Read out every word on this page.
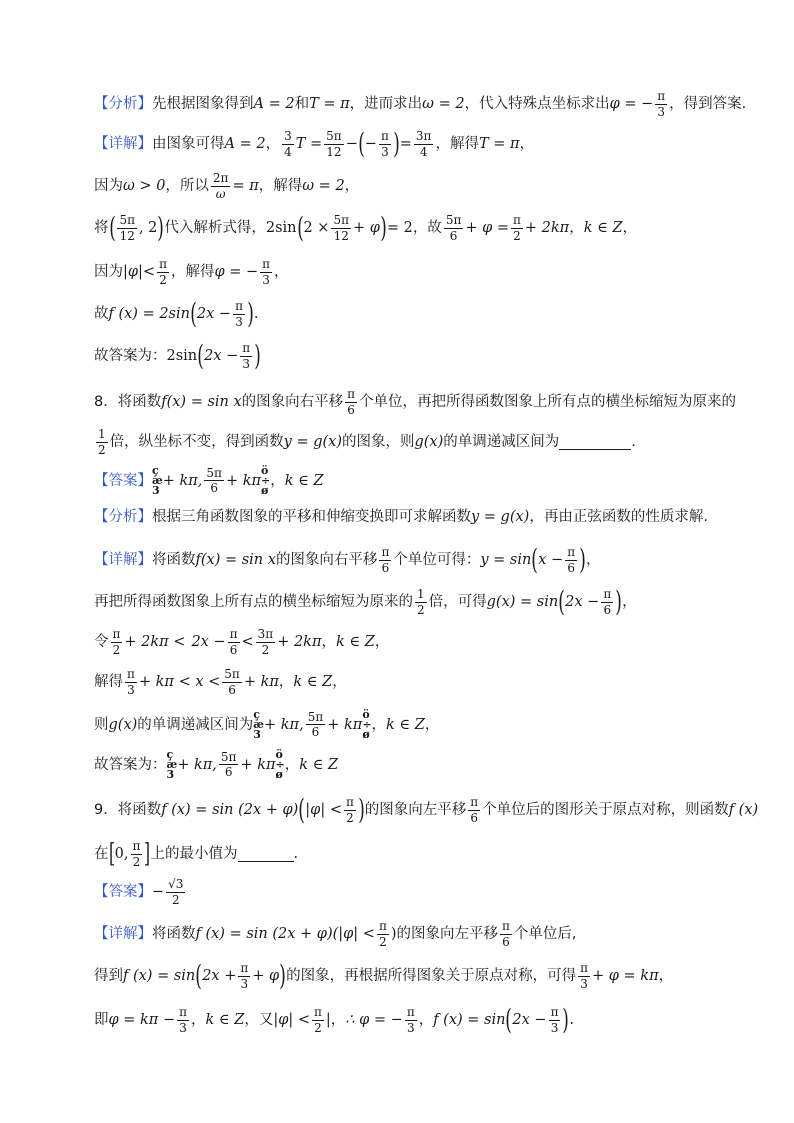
【分析】 先根据图象得到 A = 2 和 T = π ，进而求出 ω = 2 ，代入特殊点坐标求出 φ = − $\frac{\pi}{3}$ ，得到答案.
【详解】 由图象可得 A = 2 ， $\frac{3}{4}$ $T = \frac{5\pi}{12}$ − ( − $\frac{\pi}{3}$ ) = $\frac{3\pi}{4}$ ，解得 T = π ，
因为 ω > 0 ，所以 $\frac{2\pi}{\omega} = \pi$ ，解得 ω = 2 ，
将 ( $\frac{5\pi}{12}$ , 2 ) 代入解析式得， 2sin ( $2 \times \frac{5\pi}{12} + \varphi$ ) = 2 ，故 $\frac{5\pi}{6} + \varphi = \frac{\pi}{2} + 2k\pi$ ， k ∈ Z ，
因为 $|\varphi|< \frac{\pi}{2}$ ，解得 φ = − $\frac{\pi}{3}$ ，
故 f (x) = 2sin ( $2x - \frac{\pi}{3}$ ) .
故答案为： 2sin ( $2x - \frac{\pi}{3}$ )
8．将函数 f(x) = sin x 的图象向右平移 $\frac{\pi}{6}$ 个单位，再把所得函数图象上所有点的横坐标缩短为原来的
$\frac{1}{2}$ 倍，纵坐标不变，得到函数 y = g(x) 的图象，则 g(x) 的单调递减区间为	.
【答案】
ç
æ
3
+ kπ, $\frac{5\pi}{6} + k\pi$
ö
÷
ø
， k ∈ Z
【分析】 根据三角函数图象的平移和伸缩变换即可求解函数 y = g(x) ，再由正弦函数的性质求解.
【详解】 将函数 f(x) = sin x 的图象向右平移 $\frac{\pi}{6}$ 个单位可得： y = sin ( $x - \frac{\pi}{6}$ ) ，
再把所得函数图象上所有点的横坐标缩短为原来的 $\frac{1}{2}$ 倍，可得 g(x) = sin ( $2x - \frac{\pi}{6}$ ) ，
令 $\frac{\pi}{2} + 2k\pi < 2x - \frac{\pi}{6} < \frac{3\pi}{2} + 2k\pi$ ， k ∈ Z ，
解得 $\frac{\pi}{3} + k\pi < x < \frac{5\pi}{6} + k\pi$ ， k ∈ Z ，
则 g(x) 的单调递减区间为
ç
æ
3
+ kπ, $\frac{5\pi}{6} + k\pi$
ö
÷
ø
， k ∈ Z ，
故答案为：
ç
æ
3
+ kπ, $\frac{5\pi}{6} + k\pi$
ö
÷
ø
， k ∈ Z
9．将函数 f (x) = sin (2x + φ) ( $|\varphi| < \frac{\pi}{2}$ ) 的图象向左平移 $\frac{\pi}{6}$ 个单位后的图形关于原点对称，则函数 f (x)
在 [ 0, $\frac{\pi}{2}$ ] 上的最小值为	.
【答案】 − $\frac{√3}{2}$
【详解】 将函数 f $(x) = \sin (2x + \varphi)(|\varphi| < \frac{\pi}{2}$ ) 的图象向左平移 $\frac{\pi}{6}$ 个单位后,
得到 f (x) = sin ( $2x + \frac{\pi}{3} + \varphi$ ) 的图象，再根据所得图象关于原点对称，可得 $\frac{\pi}{3} + \varphi = k\pi$ ，
即 $\varphi = k\pi - \frac{\pi}{3}$ ， k ∈ Z ，又 $|\varphi| < \frac{\pi}{2}$ |， ∴ φ = − $\frac{\pi}{3}$ ， f (x) = sin ( $2x - \frac{\pi}{3}$ ) .
